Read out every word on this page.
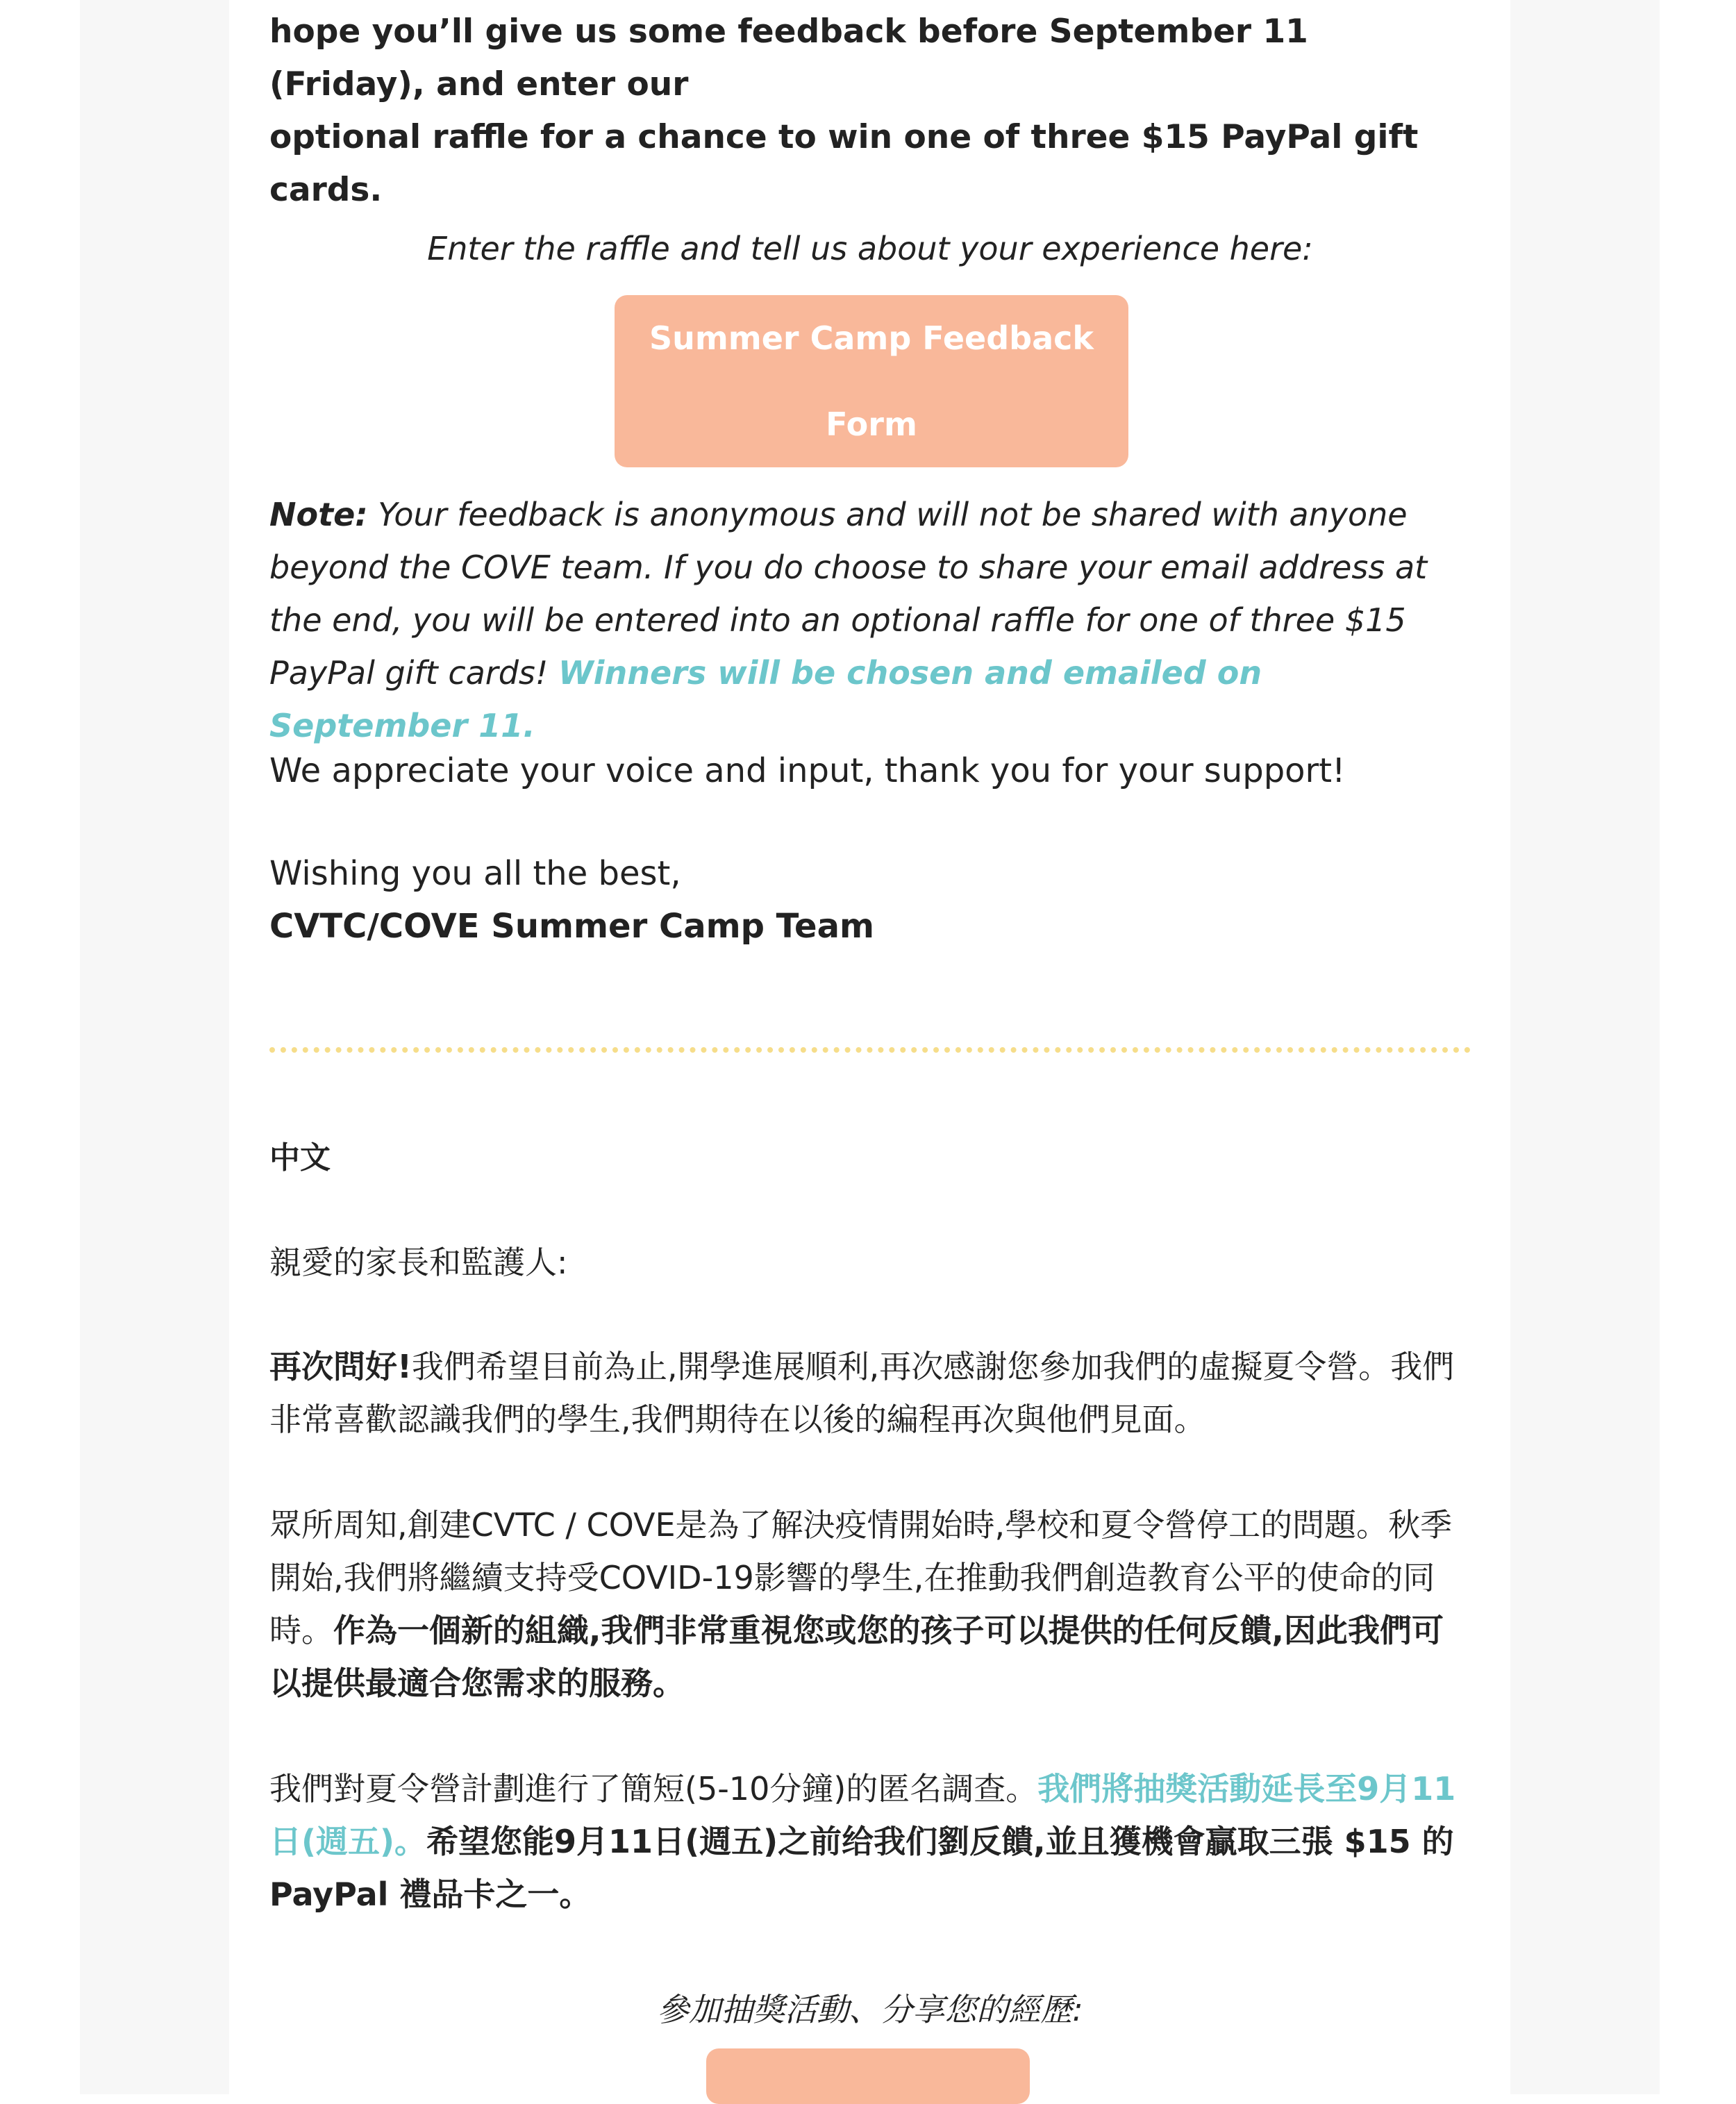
hope you’ll give us some feedback before September 11 (Friday), and enter our

optional raffle for a chance to win one of three $15 PayPal gift cards.

Enter the raffle and tell us about your experience here:

Summer Camp Feedback Form

Note: Your feedback is anonymous and will not be shared with anyone beyond the COVE team. If you do choose to share your email address at the end, you will be entered into an optional raffle for one of three $15 PayPal gift cards! Winners will be chosen and emailed on September 11.

We appreciate your voice and input, thank you for your support!

Wishing you all the best,

CVTC/COVE Summer Camp Team

中文

親愛的家長和監護人:

再次問好!我們希望目前為止,開學進展順利,再次感謝您參加我們的虛擬夏令營。我們非常喜歡認識我們的學生,我們期待在以後的編程再次與他們見面。

眾所周知,創建CVTC / COVE是為了解決疫情開始時,學校和夏令營停工的問題。秋季開始,我們將繼續支持受COVID-19影響的學生,在推動我們創造教育公平的使命的同時。作為一個新的組織,我們非常重視您或您的孩子可以提供的任何反饋,因此我們可以提供最適合您需求的服務。

我們對夏令營計劃進行了簡短(5-10分鐘)的匿名調查。我們將抽獎活動延長至9月11日(週五)。希望您能9月11日(週五)之前给我们劉反饋,並且獲機會贏取三張 $15 的 PayPal 禮品卡之一。

參加抽獎活動、分享您的經歷:
